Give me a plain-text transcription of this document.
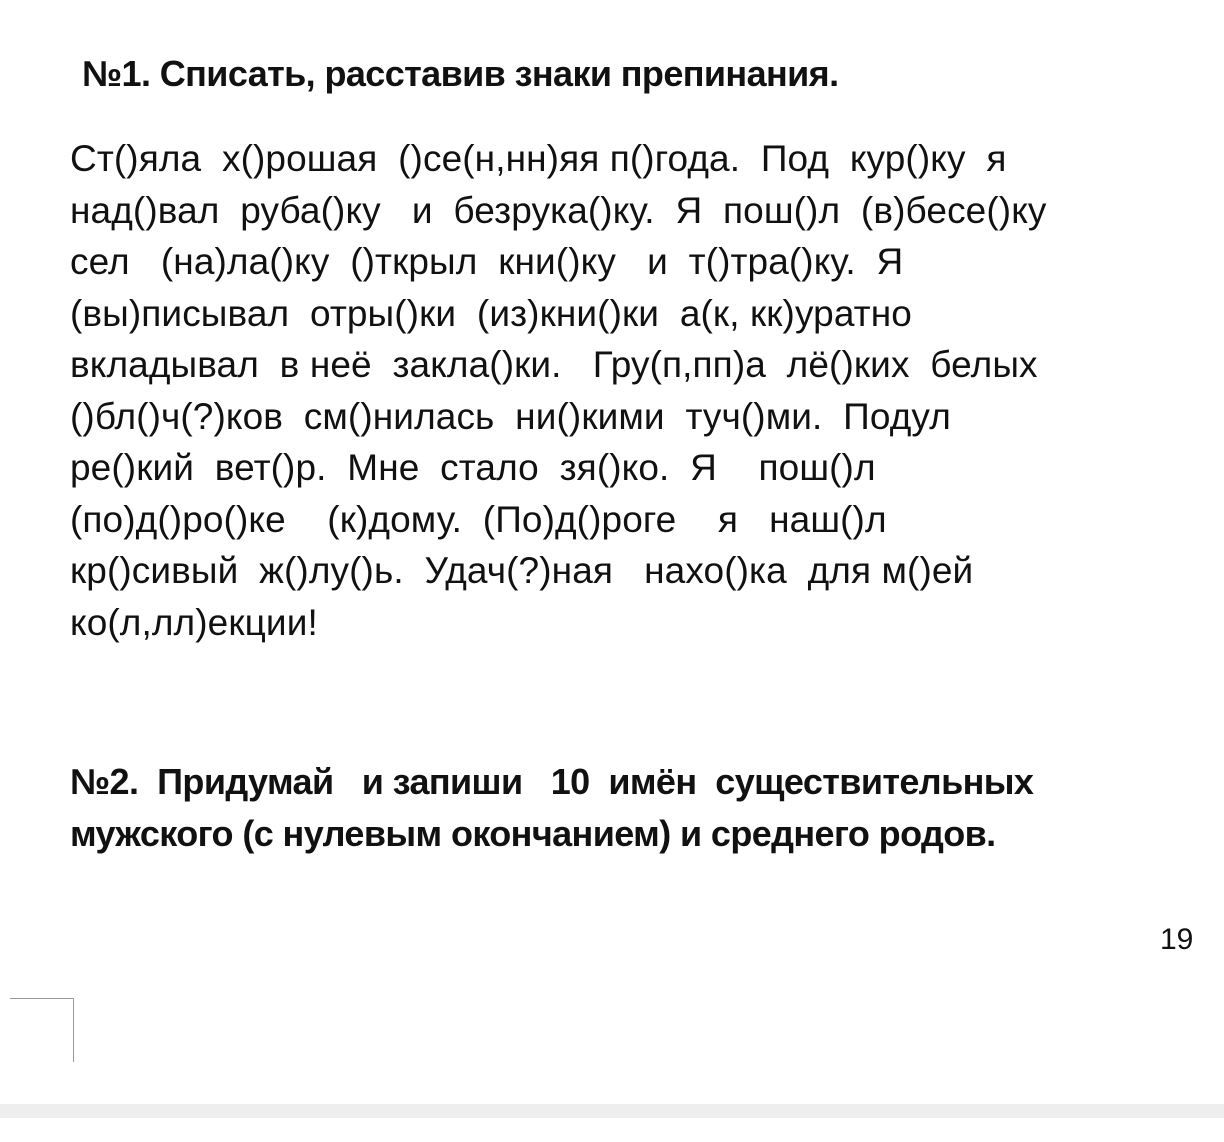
№1. Списать, расставив знаки препинания.

Ст()яла  х()рошая  ()се(н,нн)яя п()года.  Под  кур()ку  я
над()вал  руба()ку   и  безрука()ку.  Я  пош()л  (в)бесе()ку
сел   (на)ла()ку  ()ткрыл  кни()ку   и  т()тра()ку.  Я
(вы)писывал  отры()ки  (из)кни()ки  а(к, кк)уратно
вкладывал  в неё  закла()ки.   Гру(п,пп)а  лё()ких  белых
()бл()ч(?)ков  см()нилась  ни()кими  туч()ми.  Подул
ре()кий  вет()р.  Мне  стало  зя()ко.  Я    пош()л
(по)д()ро()ке    (к)дому.  (По)д()роге    я   наш()л
кр()сивый  ж()лу()ь.  Удач(?)ная   нахо()ка  для м()ей
ко(л,лл)екции!

№2.  Придумай   и запиши   10  имён  существительных
мужского (с нулевым окончанием) и среднего родов.
19
